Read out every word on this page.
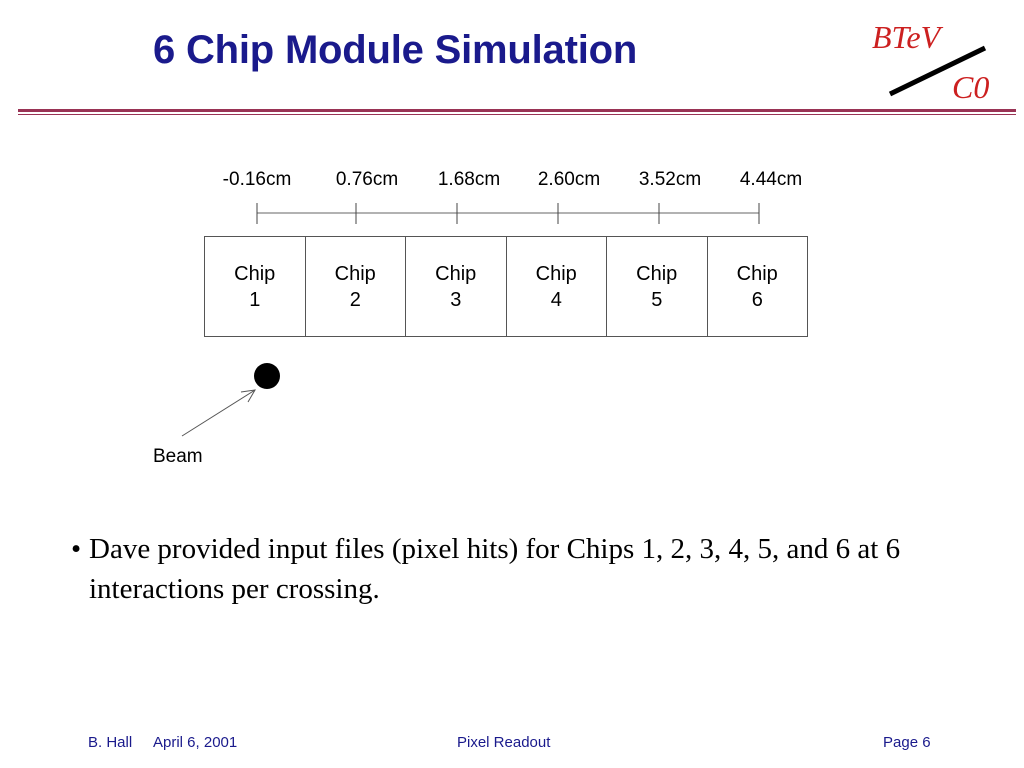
6 Chip Module Simulation	BTeV
C0
-0.16cm 0.76cm 1.68cm 2.60cm 3.52cm 4.44cm
Chip
1
Chip
2
Chip
3
Chip
4
Chip
5
Chip
6
Beam
• Dave provided input files (pixel hits) for Chips 1, 2, 3, 4, 5, and 6 at 6 interactions per crossing.
B. Hall April 6, 2001	Pixel Readout	Page 6
